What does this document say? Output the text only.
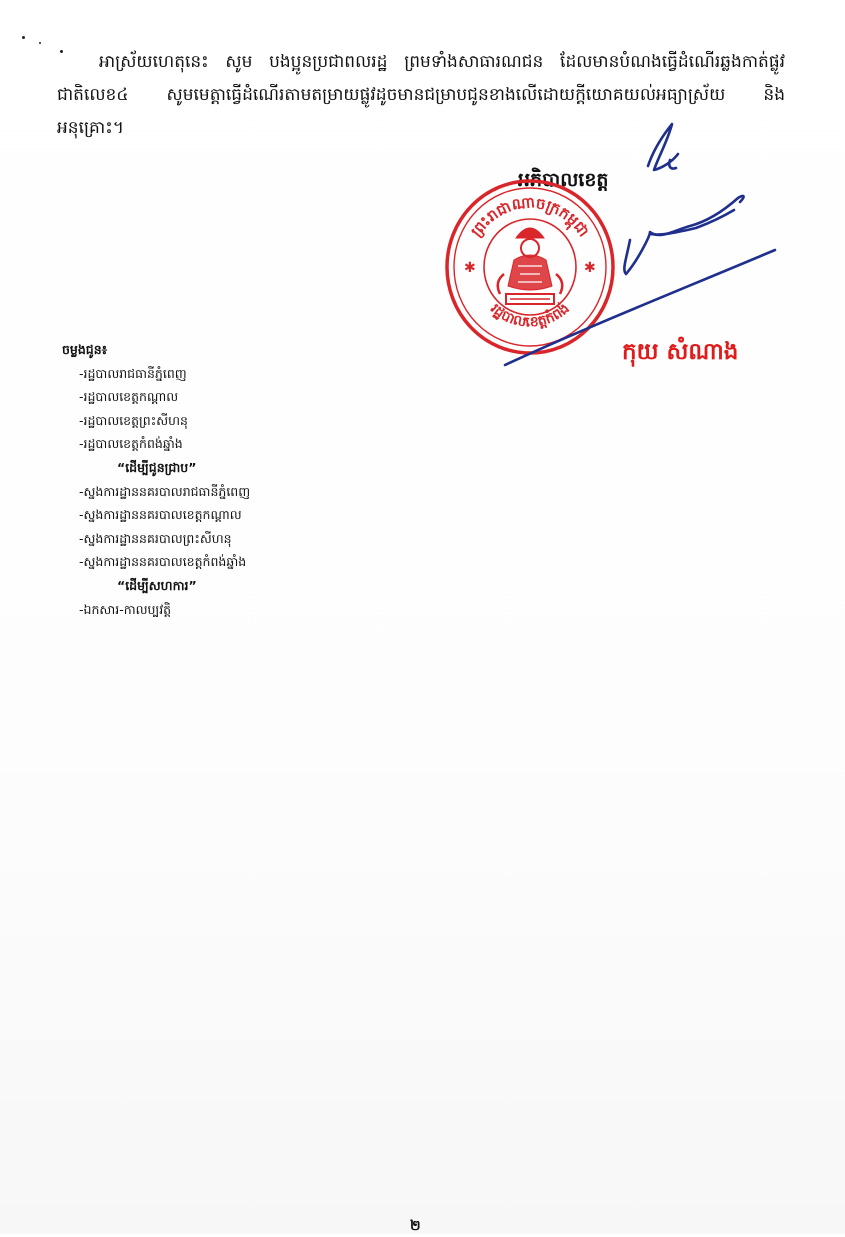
អាស្រ័យហេតុនេះ សូម បងប្អូនប្រជាពលរដ្ឋ ព្រមទាំងសាធារណជន ដែលមានបំណងធ្វើដំណើរឆ្លងកាត់ផ្លូវជាតិលេខ៤ សូមមេត្តាធ្វើដំណើរតាមតម្រាយផ្លូវដូចមានជម្រាបជូនខាងលើដោយក្តីយោគយល់អធ្យាស្រ័យ និងអនុគ្រោះ។

អភិបាលខេត្ត

ព្រះរាជាណាចក្រកម្ពុជា
រដ្ឋបាលខេត្តកំពង់
✱	✱

កុយ សំណាង

ចម្លងជូន៖
-រដ្ឋបាលរាជធានីភ្នំពេញ
-រដ្ឋបាលខេត្តកណ្តាល
-រដ្ឋបាលខេត្តព្រះសីហនុ
-រដ្ឋបាលខេត្តកំពង់ឆ្នាំង
“ដើម្បីជូនជ្រាប”
-ស្នងការដ្ឋាននគរបាលរាជធានីភ្នំពេញ
-ស្នងការដ្ឋាននគរបាលខេត្តកណ្តាល
-ស្នងការដ្ឋាននគរបាលព្រះសីហនុ
-ស្នងការដ្ឋាននគរបាលខេត្តកំពង់ឆ្នាំង
“ដើម្បីសហការ”
-ឯកសារ-កាលប្បវត្តិ
២
